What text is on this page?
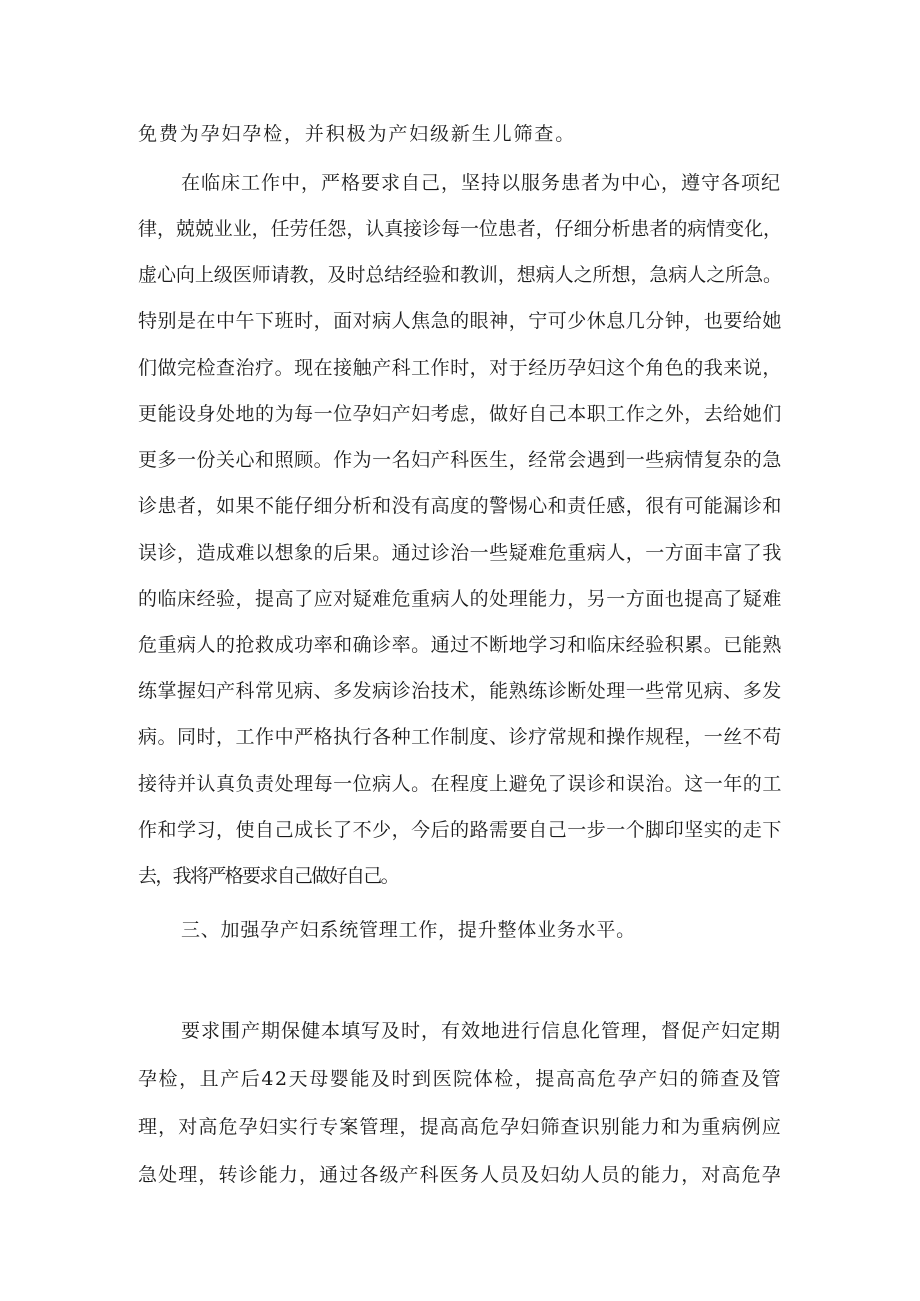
免费为孕妇孕检，并积极为产妇级新生儿筛查。
在临床工作中，严格要求自己，坚持以服务患者为中心，遵守各项纪
律，兢兢业业，任劳任怨，认真接诊每一位患者，仔细分析患者的病情变化，
虚心向上级医师请教，及时总结经验和教训，想病人之所想，急病人之所急。
特别是在中午下班时，面对病人焦急的眼神，宁可少休息几分钟，也要给她
们做完检查治疗。现在接触产科工作时，对于经历孕妇这个角色的我来说，
更能设身处地的为每一位孕妇产妇考虑，做好自己本职工作之外，去给她们
更多一份关心和照顾。作为一名妇产科医生，经常会遇到一些病情复杂的急
诊患者，如果不能仔细分析和没有高度的警惕心和责任感，很有可能漏诊和
误诊，造成难以想象的后果。通过诊治一些疑难危重病人，一方面丰富了我
的临床经验，提高了应对疑难危重病人的处理能力，另一方面也提高了疑难
危重病人的抢救成功率和确诊率。通过不断地学习和临床经验积累。已能熟
练掌握妇产科常见病、多发病诊治技术，能熟练诊断处理一些常见病、多发
病。同时，工作中严格执行各种工作制度、诊疗常规和操作规程，一丝不苟
接待并认真负责处理每一位病人。在程度上避免了误诊和误治。这一年的工
作和学习，使自己成长了不少，今后的路需要自己一步一个脚印坚实的走下
去，我将严格要求自己做好自己。
三、加强孕产妇系统管理工作，提升整体业务水平。
要求围产期保健本填写及时，有效地进行信息化管理，督促产妇定期
孕检，且产后42天母婴能及时到医院体检，提高高危孕产妇的筛查及管
理，对高危孕妇实行专案管理，提高高危孕妇筛查识别能力和为重病例应
急处理，转诊能力，通过各级产科医务人员及妇幼人员的能力，对高危孕
